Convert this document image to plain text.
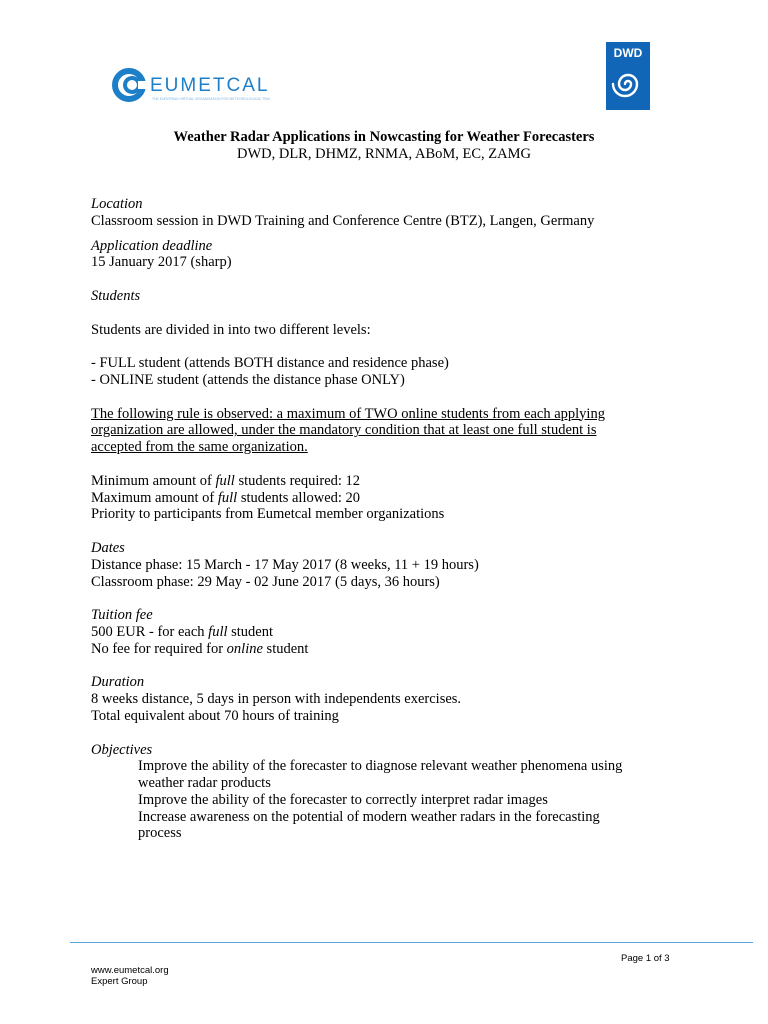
EUMETCAL
THE EUROPEAN VIRTUAL ORGANISATION FOR METEOROLOGICAL TRAINING
DWD
Weather Radar Applications in Nowcasting for Weather Forecasters
DWD, DLR, DHMZ, RNMA, ABoM, EC, ZAMG

Location

Classroom session in DWD Training and Conference Centre (BTZ), Langen, Germany

Application deadline

15 January 2017 (sharp)

Students

Students are divided in into two different levels:

- FULL student (attends BOTH distance and residence phase)

- ONLINE student (attends the distance phase ONLY)

The following rule is observed: a maximum of TWO online students from each applying

organization are allowed, under the mandatory condition that at least one full student is

accepted from the same organization.

Minimum amount of full students required: 12

Maximum amount of full students allowed: 20

Priority to participants from Eumetcal member organizations

Dates

Distance phase: 15 March - 17 May 2017 (8 weeks, 11 + 19 hours)

Classroom phase: 29 May - 02 June 2017 (5 days, 36 hours)

Tuition fee

500 EUR - for each full student

No fee for required for online student

Duration

8 weeks distance, 5 days in person with independents exercises.

Total equivalent about 70 hours of training

Objectives

Improve the ability of the forecaster to diagnose relevant weather phenomena using

weather radar products

Improve the ability of the forecaster to correctly interpret radar images

Increase awareness on the potential of modern weather radars in the forecasting

process

Page 1 of 3
www.eumetcal.org
Expert Group
